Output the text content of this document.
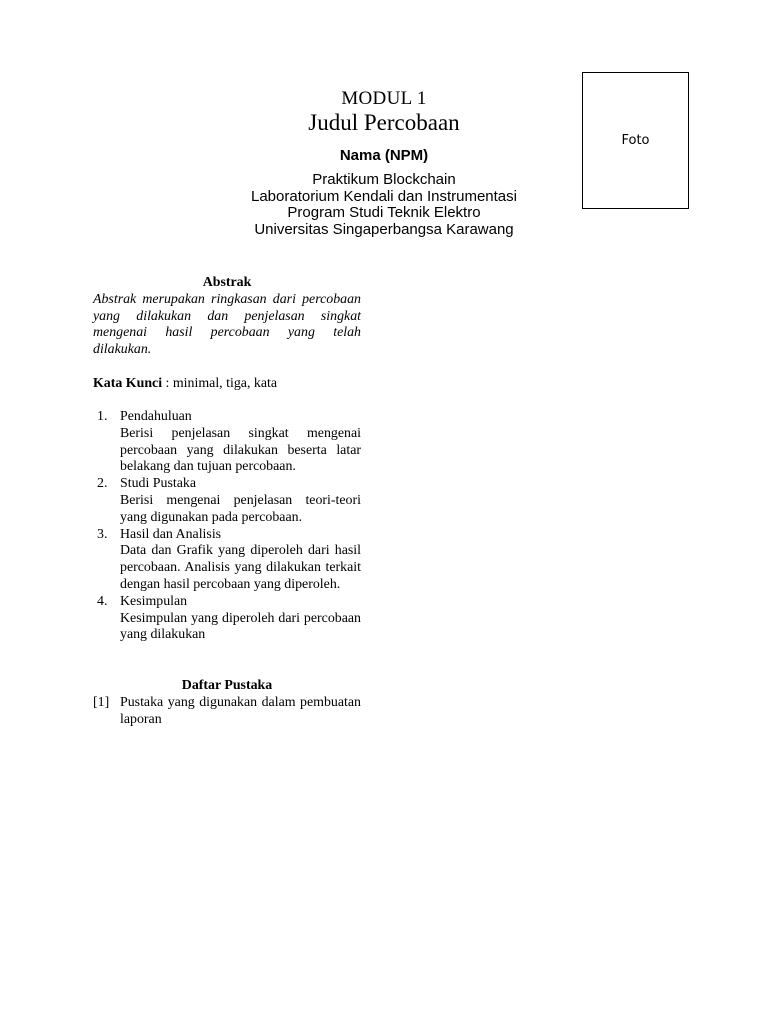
Foto
MODUL 1
Judul Percobaan
Nama (NPM)
Praktikum Blockchain
Laboratorium Kendali dan Instrumentasi
Program Studi Teknik Elektro
Universitas Singaperbangsa Karawang
Abstrak
Abstrak merupakan ringkasan dari percobaan yang dilakukan dan penjelasan singkat mengenai hasil percobaan yang telah dilakukan.
Kata Kunci : minimal, tiga, kata
1. Pendahuluan
Berisi penjelasan singkat mengenai percobaan yang dilakukan beserta latar belakang dan tujuan percobaan.
2. Studi Pustaka
Berisi mengenai penjelasan teori-teori yang digunakan pada percobaan.
3. Hasil dan Analisis
Data dan Grafik yang diperoleh dari hasil percobaan. Analisis yang dilakukan terkait dengan hasil percobaan yang diperoleh.
4. Kesimpulan
Kesimpulan yang diperoleh dari percobaan yang dilakukan
Daftar Pustaka
[1] Pustaka yang digunakan dalam pembuatan laporan
